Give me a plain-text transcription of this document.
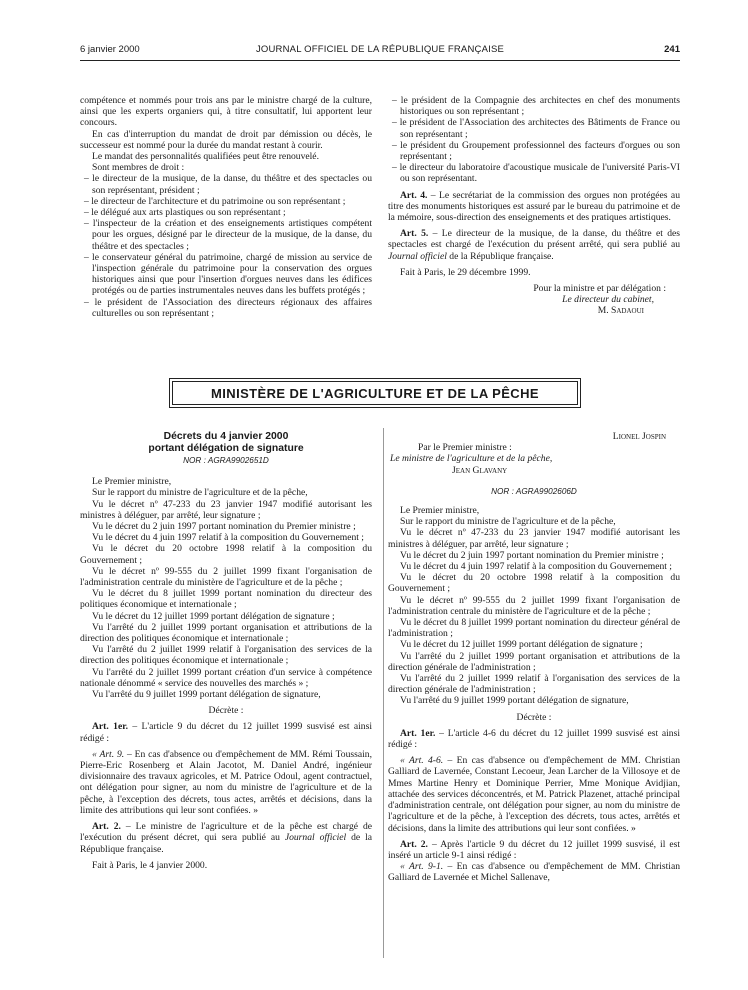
6 janvier 2000	JOURNAL OFFICIEL DE LA RÉPUBLIQUE FRANÇAISE	241

compétence et nommés pour trois ans par le ministre chargé de la culture, ainsi que les experts organiers qui, à titre consultatif, lui apportent leur concours.

En cas d'interruption du mandat de droit par démission ou décès, le successeur est nommé pour la durée du mandat restant à courir.

Le mandat des personnalités qualifiées peut être renouvelé.

Sont membres de droit :

– le directeur de la musique, de la danse, du théâtre et des spectacles ou son représentant, président ;

– le directeur de l'architecture et du patrimoine ou son représentant ;

– le délégué aux arts plastiques ou son représentant ;

– l'inspecteur de la création et des enseignements artistiques compétent pour les orgues, désigné par le directeur de la musique, de la danse, du théâtre et des spectacles ;

– le conservateur général du patrimoine, chargé de mission au service de l'inspection générale du patrimoine pour la conservation des orgues historiques ainsi que pour l'insertion d'orgues neuves dans les édifices protégés ou de parties instrumentales neuves dans les buffets protégés ;

– le président de l'Association des directeurs régionaux des affaires culturelles ou son représentant ;

– le président de la Compagnie des architectes en chef des monuments historiques ou son représentant ;

– le président de l'Association des architectes des Bâtiments de France ou son représentant ;

– le président du Groupement professionnel des facteurs d'orgues ou son représentant ;

– le directeur du laboratoire d'acoustique musicale de l'université Paris-VI ou son représentant.

Art. 4. – Le secrétariat de la commission des orgues non protégées au titre des monuments historiques est assuré par le bureau du patrimoine et de la mémoire, sous-direction des enseignements et des pratiques artistiques.

Art. 5. – Le directeur de la musique, de la danse, du théâtre et des spectacles est chargé de l'exécution du présent arrêté, qui sera publié au Journal officiel de la République française.

Fait à Paris, le 29 décembre 1999.

Pour la ministre et par délégation :

Le directeur du cabinet,

M. Sadaoui

MINISTÈRE DE L'AGRICULTURE ET DE LA PÊCHE

Décrets du 4 janvier 2000

portant délégation de signature

NOR : AGRA9902651D

Le Premier ministre,

Sur le rapport du ministre de l'agriculture et de la pêche,

Vu le décret nº 47-233 du 23 janvier 1947 modifié autorisant les ministres à déléguer, par arrêté, leur signature ;

Vu le décret du 2 juin 1997 portant nomination du Premier ministre ;

Vu le décret du 4 juin 1997 relatif à la composition du Gouvernement ;

Vu le décret du 20 octobre 1998 relatif à la composition du Gouvernement ;

Vu le décret nº 99-555 du 2 juillet 1999 fixant l'organisation de l'administration centrale du ministère de l'agriculture et de la pêche ;

Vu le décret du 8 juillet 1999 portant nomination du directeur des politiques économique et internationale ;

Vu le décret du 12 juillet 1999 portant délégation de signature ;

Vu l'arrêté du 2 juillet 1999 portant organisation et attributions de la direction des politiques économique et internationale ;

Vu l'arrêté du 2 juillet 1999 relatif à l'organisation des services de la direction des politiques économique et internationale ;

Vu l'arrêté du 2 juillet 1999 portant création d'un service à compétence nationale dénommé « service des nouvelles des marchés » ;

Vu l'arrêté du 9 juillet 1999 portant délégation de signature,

Décrète :

Art. 1er. – L'article 9 du décret du 12 juillet 1999 susvisé est ainsi rédigé :

« Art. 9. – En cas d'absence ou d'empêchement de MM. Rémi Toussain, Pierre-Eric Rosenberg et Alain Jacotot, M. Daniel André, ingénieur divisionnaire des travaux agricoles, et M. Patrice Odoul, agent contractuel, ont délégation pour signer, au nom du ministre de l'agriculture et de la pêche, à l'exception des décrets, tous actes, arrêtés et décisions, dans la limite des attributions qui leur sont confiées. »

Art. 2. – Le ministre de l'agriculture et de la pêche est chargé de l'exécution du présent décret, qui sera publié au Journal officiel de la République française.

Fait à Paris, le 4 janvier 2000.

Lionel Jospin

Par le Premier ministre :

Le ministre de l'agriculture et de la pêche,

Jean Glavany

NOR : AGRA9902606D

Le Premier ministre,

Sur le rapport du ministre de l'agriculture et de la pêche,

Vu le décret nº 47-233 du 23 janvier 1947 modifié autorisant les ministres à déléguer, par arrêté, leur signature ;

Vu le décret du 2 juin 1997 portant nomination du Premier ministre ;

Vu le décret du 4 juin 1997 relatif à la composition du Gouvernement ;

Vu le décret du 20 octobre 1998 relatif à la composition du Gouvernement ;

Vu le décret nº 99-555 du 2 juillet 1999 fixant l'organisation de l'administration centrale du ministère de l'agriculture et de la pêche ;

Vu le décret du 8 juillet 1999 portant nomination du directeur général de l'administration ;

Vu le décret du 12 juillet 1999 portant délégation de signature ;

Vu l'arrêté du 2 juillet 1999 portant organisation et attributions de la direction générale de l'administration ;

Vu l'arrêté du 2 juillet 1999 relatif à l'organisation des services de la direction générale de l'administration ;

Vu l'arrêté du 9 juillet 1999 portant délégation de signature,

Décrète :

Art. 1er. – L'article 4-6 du décret du 12 juillet 1999 susvisé est ainsi rédigé :

« Art. 4-6. – En cas d'absence ou d'empêchement de MM. Christian Galliard de Lavernée, Constant Lecoeur, Jean Larcher de la Villosoye et de Mmes Martine Henry et Dominique Perrier, Mme Monique Avidjian, attachée des services déconcentrés, et M. Patrick Plazenet, attaché principal d'administration centrale, ont délégation pour signer, au nom du ministre de l'agriculture et de la pêche, à l'exception des décrets, tous actes, arrêtés et décisions, dans la limite des attributions qui leur sont confiées. »

Art. 2. – Après l'article 9 du décret du 12 juillet 1999 susvisé, il est inséré un article 9-1 ainsi rédigé :

« Art. 9-1. – En cas d'absence ou d'empêchement de MM. Christian Galliard de Lavernée et Michel Sallenave,
